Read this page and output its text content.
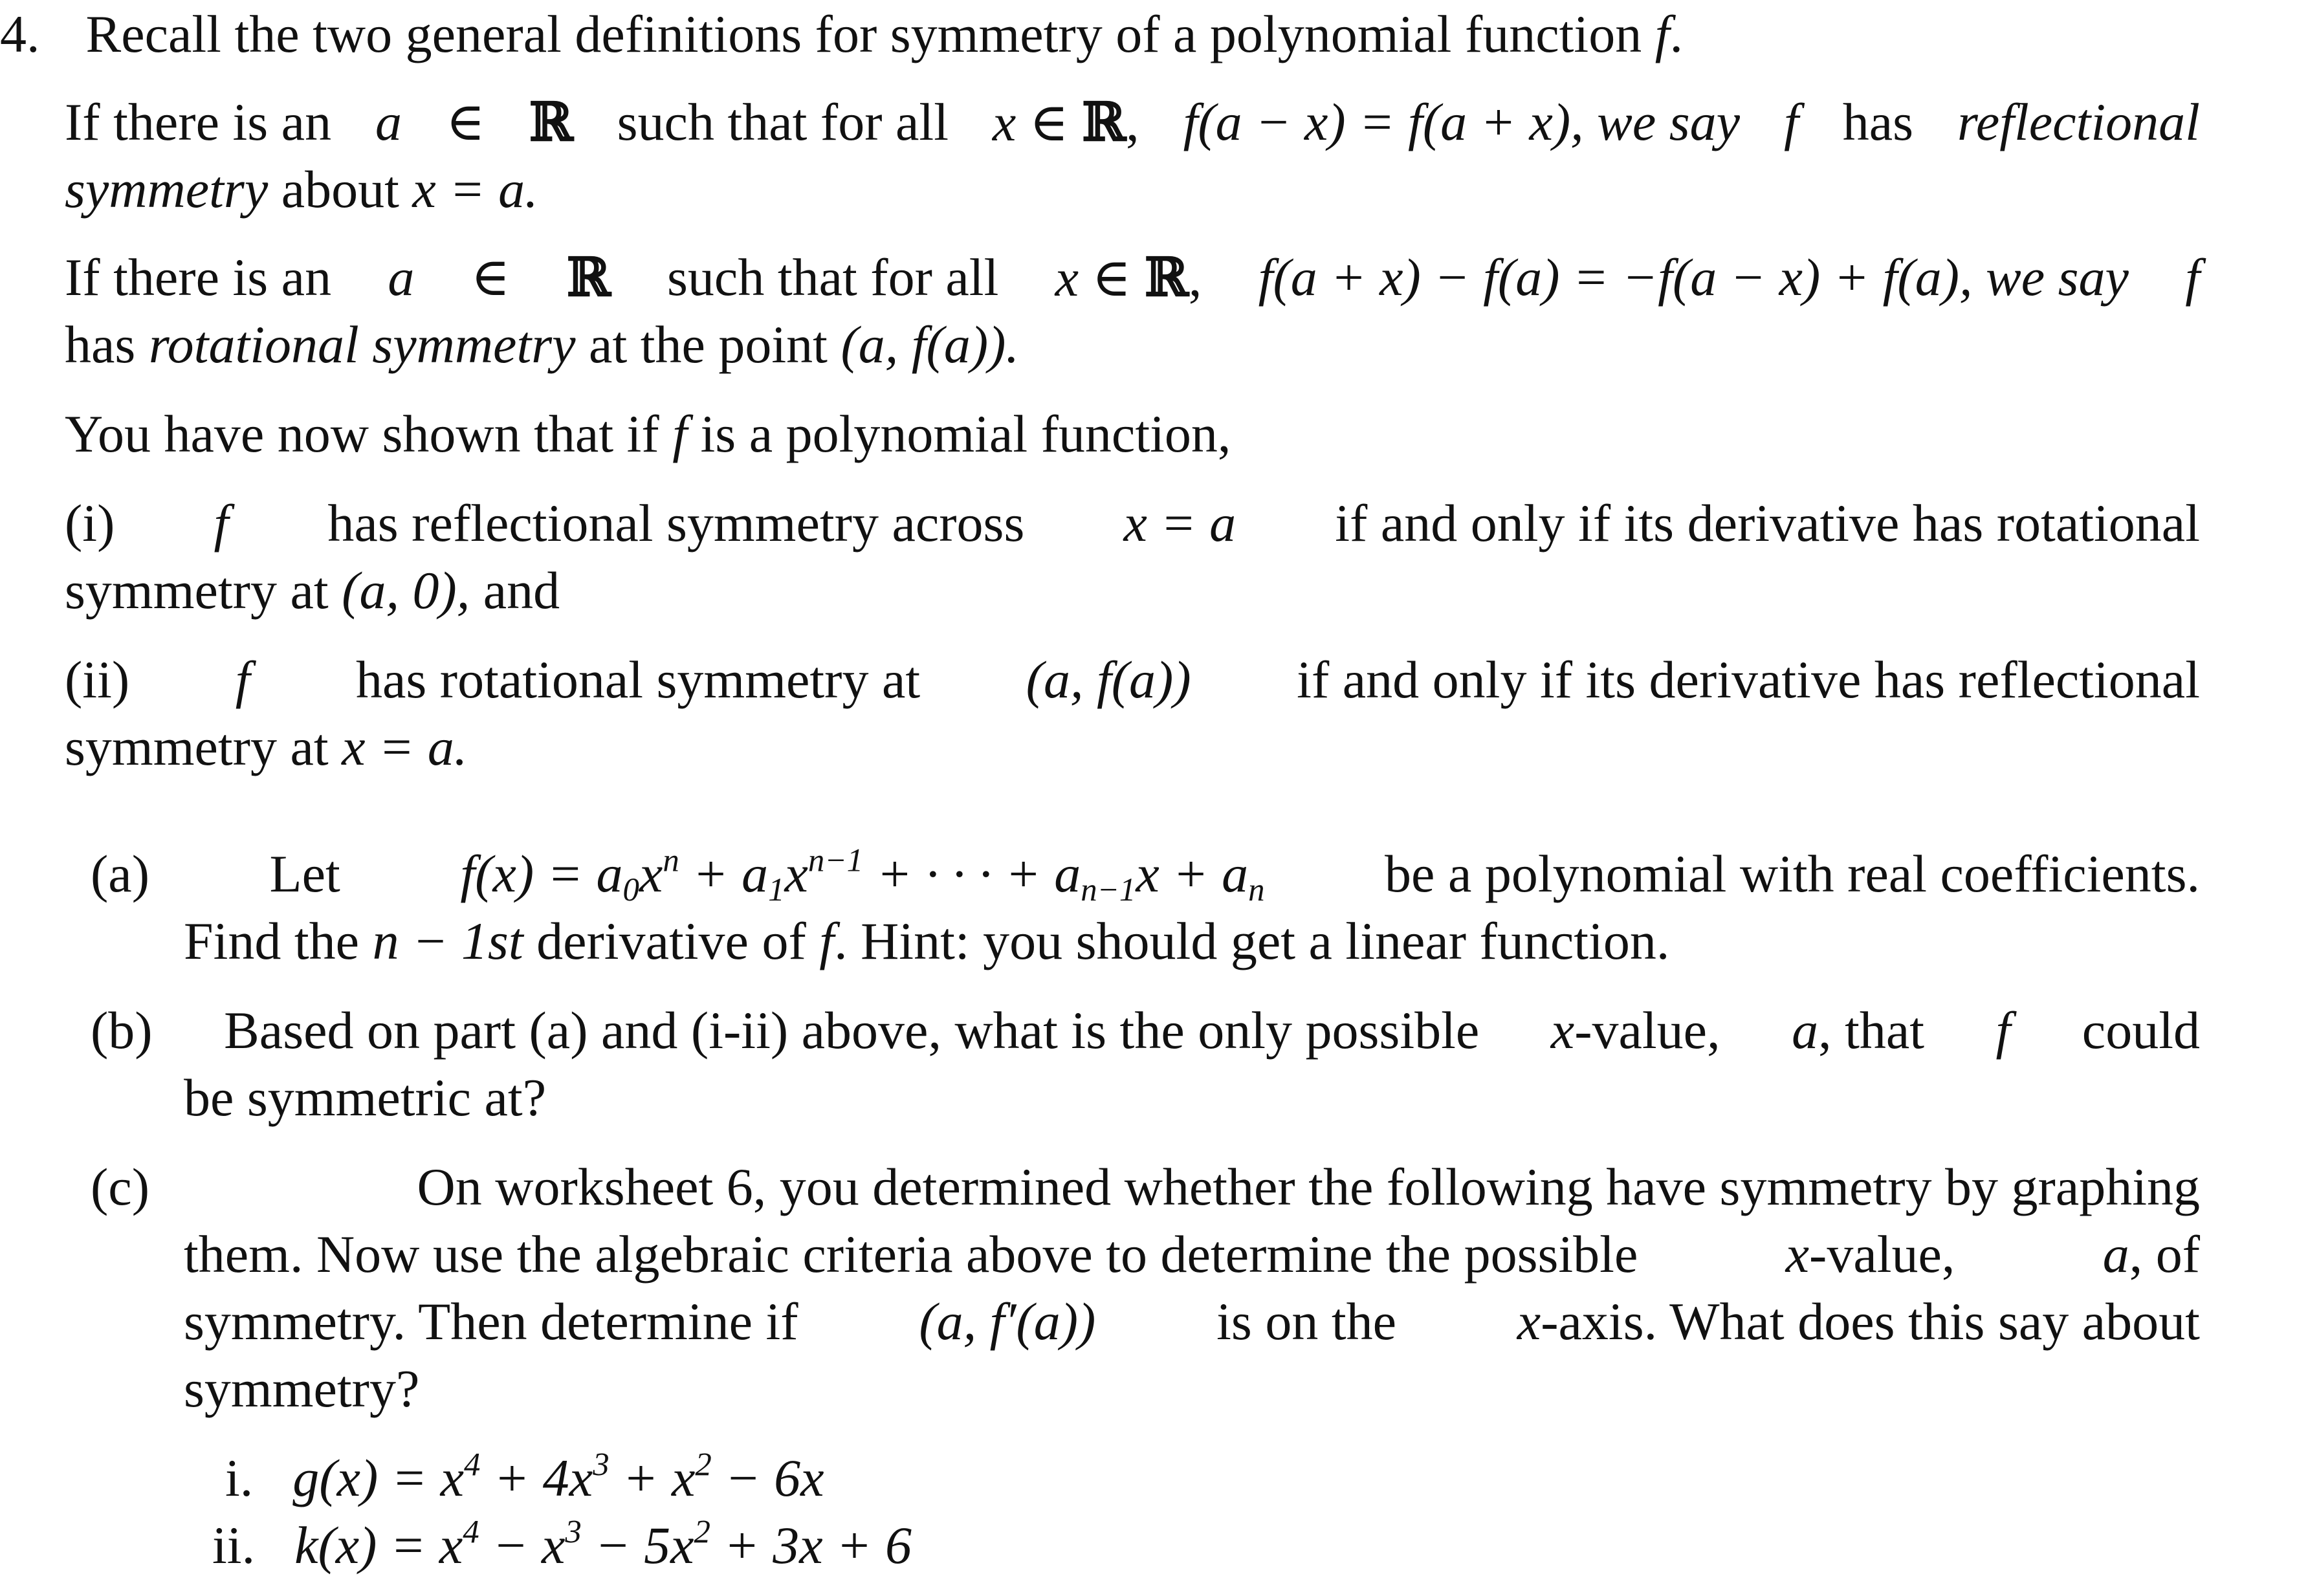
4. Recall the two general definitions for symmetry of a polynomial function f.
If there is an a ∈ ℝ such that for all x ∈ ℝ, f(a − x) = f(a + x), we say f has reflectional
symmetry about x = a.
If there is an a ∈ ℝ such that for all x ∈ ℝ, f(a + x) − f(a) = −f(a − x) + f(a), we say f
has rotational symmetry at the point (a, f(a)).
You have now shown that if f is a polynomial function,
(i) f has reflectional symmetry across x = a if and only if its derivative has rotational
symmetry at (a, 0), and
(ii) f has rotational symmetry at (a, f(a)) if and only if its derivative has reflectional
symmetry at x = a.
(a) Let $f(x) = a_0x^n + a_1x^{n-1}$ + · · · + $a_{n-1}x + a_n$ be a polynomial with real coefficients.
Find the n − 1st derivative of f. Hint: you should get a linear function.
(b) Based on part (a) and (i-ii) above, what is the only possible x-value, a, that f could
be symmetric at?
(c)	On worksheet 6, you determined whether the following have symmetry by graphing
them. Now use the algebraic criteria above to determine the possible	x-value,	a, of
symmetry. Then determine if (a, f′(a)) is on the x-axis. What does this say about
symmetry?
i. $g(x) = x^4 + 4x^3 + x^2 - 6x$
ii. $k(x) = x^4 - x^3 - 5x^2 + 3x + 6$
